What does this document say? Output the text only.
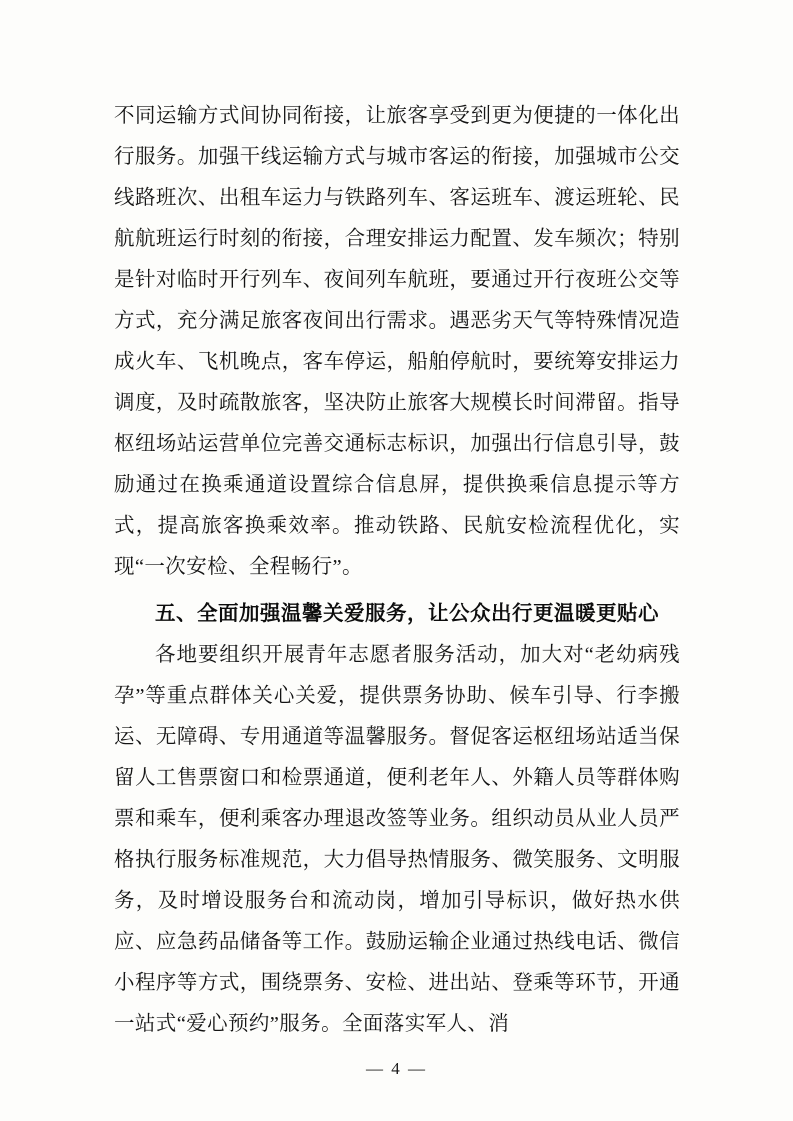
不同运输方式间协同衔接，让旅客享受到更为便捷的一体化出行服务。加强干线运输方式与城市客运的衔接，加强城市公交线路班次、出租车运力与铁路列车、客运班车、渡运班轮、民航航班运行时刻的衔接，合理安排运力配置、发车频次；特别是针对临时开行列车、夜间列车航班，要通过开行夜班公交等方式，充分满足旅客夜间出行需求。遇恶劣天气等特殊情况造成火车、飞机晚点，客车停运，船舶停航时，要统筹安排运力调度，及时疏散旅客，坚决防止旅客大规模长时间滞留。指导枢纽场站运营单位完善交通标志标识，加强出行信息引导，鼓励通过在换乘通道设置综合信息屏，提供换乘信息提示等方式，提高旅客换乘效率。推动铁路、民航安检流程优化，实现“一次安检、全程畅行”。

五、全面加强温馨关爱服务，让公众出行更温暖更贴心

各地要组织开展青年志愿者服务活动，加大对“老幼病残孕”等重点群体关心关爱，提供票务协助、候车引导、行李搬运、无障碍、专用通道等温馨服务。督促客运枢纽场站适当保留人工售票窗口和检票通道，便利老年人、外籍人员等群体购票和乘车，便利乘客办理退改签等业务。组织动员从业人员严格执行服务标准规范，大力倡导热情服务、微笑服务、文明服务，及时增设服务台和流动岗，增加引导标识，做好热水供应、应急药品储备等工作。鼓励运输企业通过热线电话、微信小程序等方式，围绕票务、安检、进出站、登乘等环节，开通一站式“爱心预约”服务。全面落实军人、消

— 4 —
